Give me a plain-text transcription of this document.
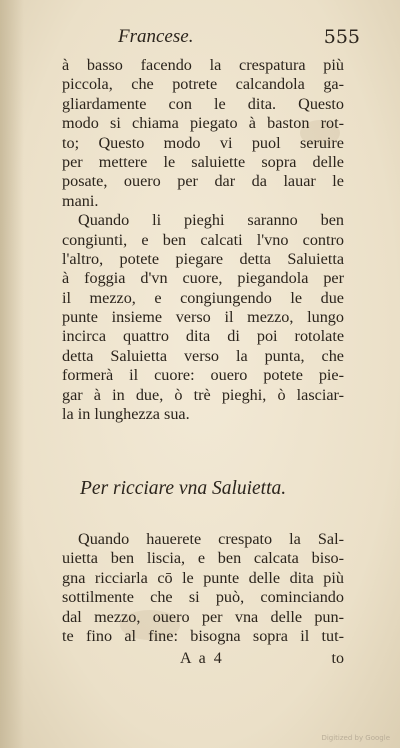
Francese.	555
à basso facendo la crespatura più
piccola, che potrete calcandola ga-
gliardamente con le dita. Questo
modo si chiama piegato à baston rot-
to; Questo modo vi puol seruire
per mettere le saluiette sopra delle
posate, ouero per dar da lauar le
mani.
Quando li pieghi saranno ben
congiunti, e ben calcati l'vno contro
l'altro, potete piegare detta Saluietta
à foggia d'vn cuore, piegandola per
il mezzo, e congiungendo le due
punte insieme verso il mezzo, lungo
incirca quattro dita di poi rotolate
detta Saluietta verso la punta, che
formerà il cuore: ouero potete pie-
gar à in due, ò trè pieghi, ò lasciar-
la in lunghezza sua.
Per ricciare vna Saluietta.
Quando hauerete crespato la Sal-
uietta ben liscia, e ben calcata biso-
gna ricciarla cō le punte delle dita più
sottilmente che si può, cominciando
dal mezzo, ouero per vna delle pun-
te fino al fine: bisogna sopra il tut-
A a 4	to
Digitized by Google
